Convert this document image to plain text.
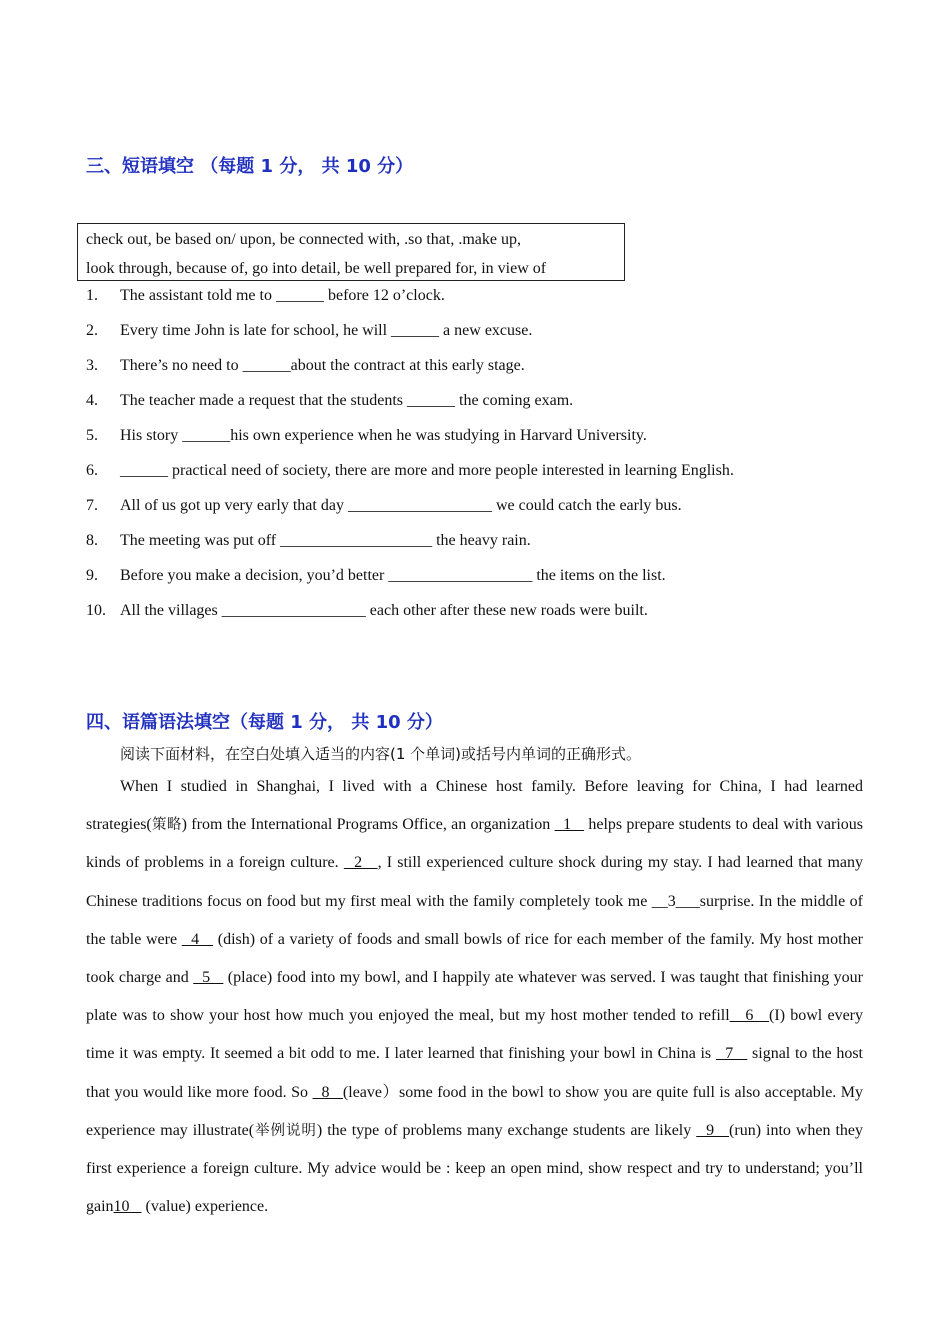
三、短语填空 （每题 1 分， 共 10 分）
check out, be based on/ upon, be connected with, .so that, .make up,
look through, because of, go into detail, be well prepared for, in view of
1. The assistant told me to ______ before 12 o’clock.
2. Every time John is late for school, he will ______ a new excuse.
3. There’s no need to ______about the contract at this early stage.
4. The teacher made a request that the students ______ the coming exam.
5. His story ______his own experience when he was studying in Harvard University.
6. ______ practical need of society, there are more and more people interested in learning English.
7. All of us got up very early that day __________________ we could catch the early bus.
8. The meeting was put off ___________________ the heavy rain.
9. Before you make a decision, you’d better __________________ the items on the list.
10. All the villages __________________ each other after these new roads were built.
四、语篇语法填空（每题 1 分， 共 10 分）
阅读下面材料，在空白处填入适当的内容(1 个单词)或括号内单词的正确形式。
When I studied in Shanghai, I lived with a Chinese host family. Before leaving for China, I had learned strategies(策略) from the International Programs Office, an organization   1    helps prepare students to deal with various kinds of problems in a foreign culture.   2   , I still experienced culture shock during my stay. I had learned that many Chinese traditions focus on food but my first meal with the family completely took me __3___surprise. In the middle of the table were   4    (dish) of a variety of foods and small bowls of rice for each member of the family. My host mother took charge and   5    (place) food into my bowl, and I happily ate whatever was served. I was taught that finishing your plate was to show your host how much you enjoyed the meal, but my host mother tended to refill   6   (I) bowl every time it was empty. It seemed a bit odd to me. I later learned that finishing your bowl in China is   7    signal to the host that you would like more food. So   8   (leave）some food in the bowl to show you are quite full is also acceptable. My experience may illustrate(举例说明) the type of problems many exchange students are likely   9   (run) into when they first experience a foreign culture. My advice would be : keep an open mind, show respect and try to understand; you’ll gain10    (value) experience.
